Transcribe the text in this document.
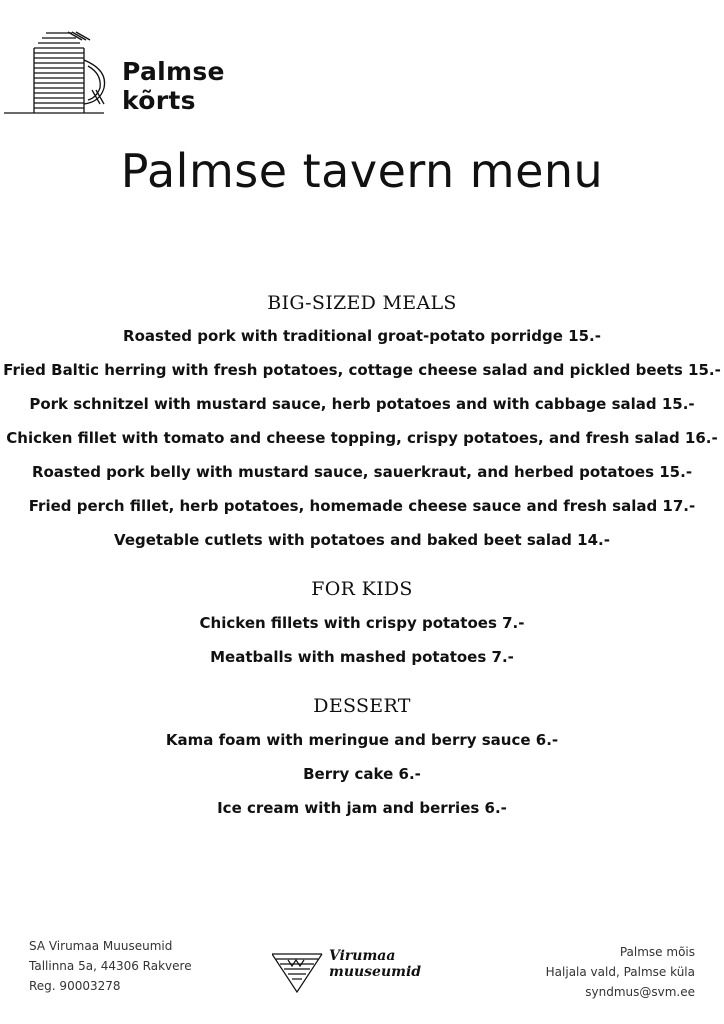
Palmse
kõrts
Palmse tavern menu
BIG-SIZED MEALS
Roasted pork with traditional groat-potato porridge 15.-
Fried Baltic herring with fresh potatoes, cottage cheese salad and pickled beets 15.-
Pork schnitzel with mustard sauce, herb potatoes and with cabbage salad 15.-
Chicken fillet with tomato and cheese topping, crispy potatoes, and fresh salad 16.-
Roasted pork belly with mustard sauce, sauerkraut, and herbed potatoes 15.-
Fried perch fillet, herb potatoes, homemade cheese sauce and fresh salad 17.-
Vegetable cutlets with potatoes and baked beet salad 14.-
FOR KIDS
Chicken fillets with crispy potatoes 7.-
Meatballs with mashed potatoes 7.-
DESSERT
Kama foam with meringue and berry sauce 6.-
Berry cake 6.-
Ice cream with jam and berries 6.-
SA Virumaa Muuseumid
Tallinna 5a, 44306 Rakvere
Reg. 90003278
Virumaa
muuseumid
Palmse mõis
Haljala vald, Palmse küla
syndmus@svm.ee
